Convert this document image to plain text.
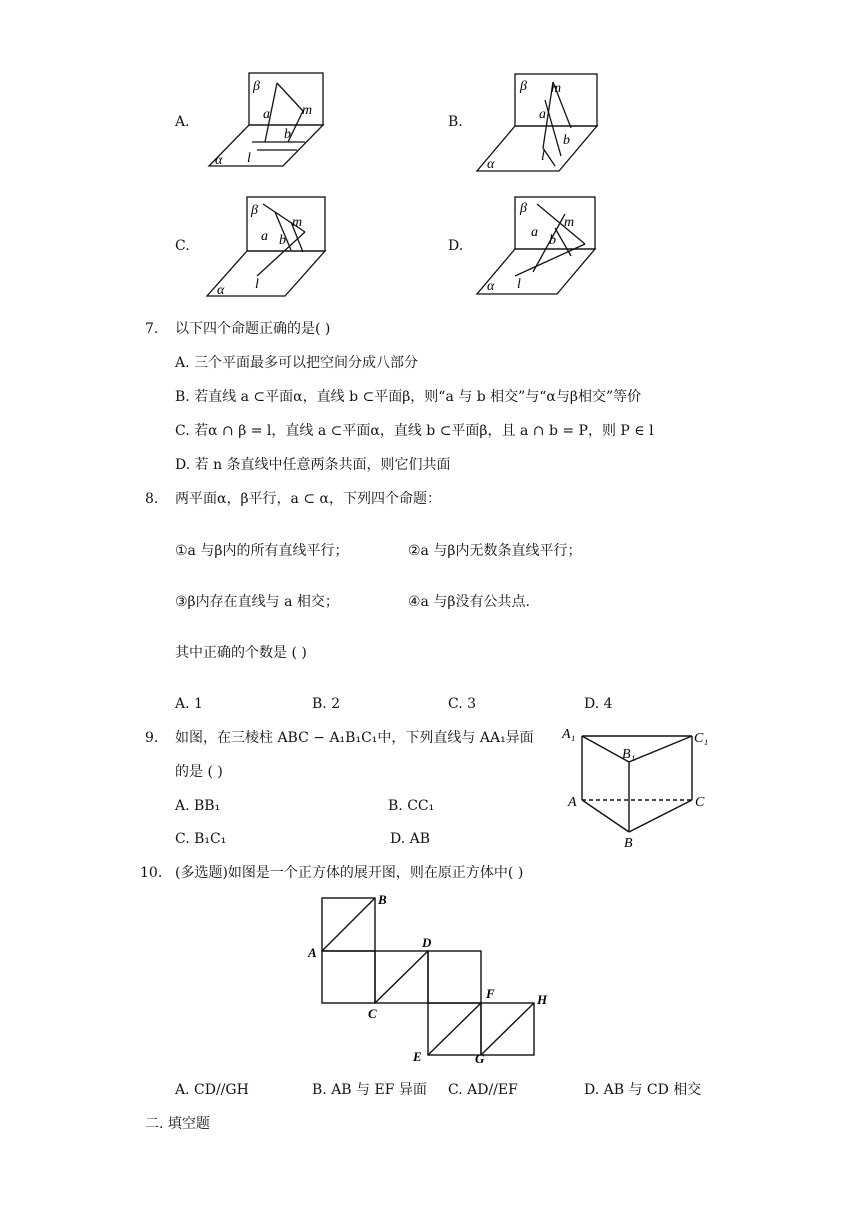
A.
β
a m
b
l
α
B.
β m
a
b
l
α
C.
β
m
a b
l
α
D.
β
m
a
b
l
α
7. 以下四个命题正确的是( )
A. 三个平面最多可以把空间分成八部分
B. 若直线 a ⊂平面α，直线 b ⊂平面β，则“a 与 b 相交”与“α与β相交”等价
C. 若α ∩ β = l，直线 a ⊂平面α，直线 b ⊂平面β，且 a ∩ b = P，则 P ∈ l
D. 若 n 条直线中任意两条共面，则它们共面
8. 两平面α，β平行，a ⊂ α，下列四个命题：
①a 与β内的所有直线平行；	②a 与β内无数条直线平行；
③β内存在直线与 a 相交；	④a 与β没有公共点.
其中正确的个数是 ( )
A. 1	B. 2	C. 3	D. 4
9. 如图，在三棱柱 ABC − A₁B₁C₁中，下列直线与 AA₁异面
的是 ( )
A. BB₁	B. CC₁
C. B₁C₁	D. AB
A₁	C₁
B₁
A	C
B
10. (多选题)如图是一个正方体的展开图，则在原正方体中( )
B
A
D
C
F	H
E	G
A. CD//GH	B. AB 与 EF 异面 C. AD//EF	D. AB 与 CD 相交
二. 填空题
